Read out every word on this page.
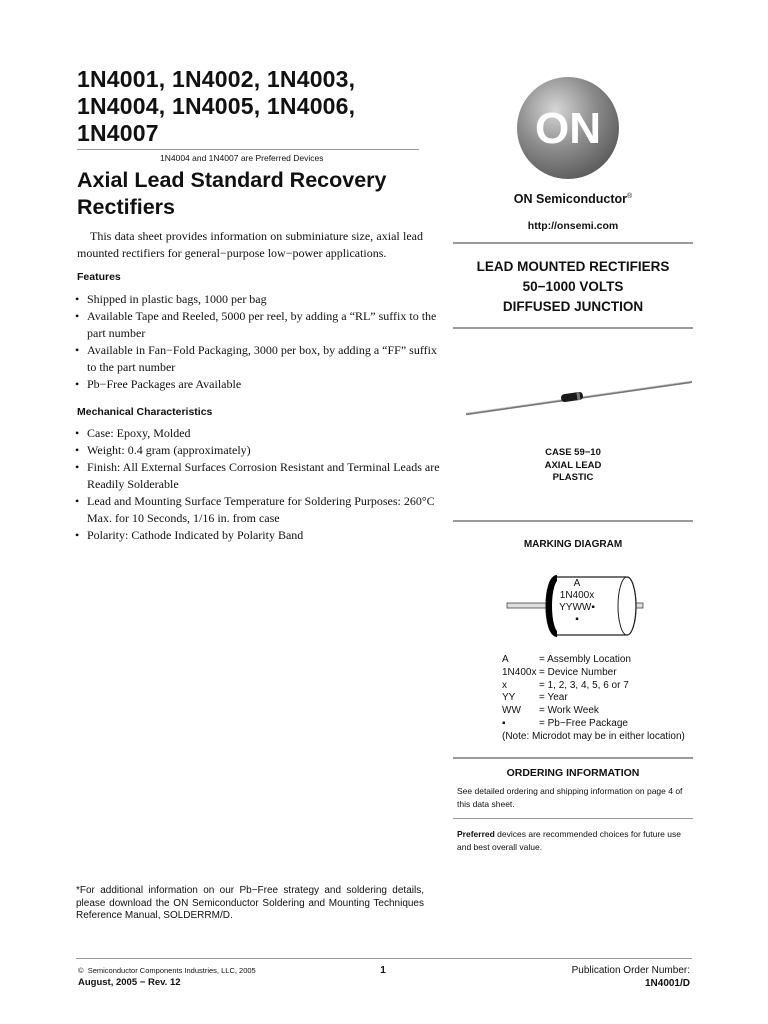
1N4001, 1N4002, 1N4003, 1N4004, 1N4005, 1N4006, 1N4007
1N4004 and 1N4007 are Preferred Devices
Axial Lead Standard Recovery Rectifiers
This data sheet provides information on subminiature size, axial lead mounted rectifiers for general−purpose low−power applications.
Features
• Shipped in plastic bags, 1000 per bag
• Available Tape and Reeled, 5000 per reel, by adding a “RL” suffix to the part number
• Available in Fan−Fold Packaging, 3000 per box, by adding a “FF” suffix to the part number
• Pb−Free Packages are Available
Mechanical Characteristics
• Case: Epoxy, Molded
• Weight: 0.4 gram (approximately)
• Finish: All External Surfaces Corrosion Resistant and Terminal Leads are Readily Solderable
• Lead and Mounting Surface Temperature for Soldering Purposes: 260°C Max. for 10 Seconds, 1/16 in. from case
• Polarity: Cathode Indicated by Polarity Band
*For additional information on our Pb−Free strategy and soldering details, please download the ON Semiconductor Soldering and Mounting Techniques Reference Manual, SOLDERRM/D.
ON
ON Semiconductor®
http://onsemi.com
LEAD MOUNTED RECTIFIERS
50−1000 VOLTS
DIFFUSED JUNCTION
CASE 59−10
AXIAL LEAD
PLASTIC
MARKING DIAGRAM
A
1N400x
YYWW▪
▪
A	= Assembly Location
1N400x = Device Number
x	= 1, 2, 3, 4, 5, 6 or 7
YY	= Year
WW	= Work Week
▪	= Pb−Free Package
(Note: Microdot may be in either location)
ORDERING INFORMATION
See detailed ordering and shipping information on page 4 of this data sheet.
Preferred devices are recommended choices for future use and best overall value.
© Semiconductor Components Industries, LLC, 2005
August, 2005 − Rev. 12
1	Publication Order Number:
1N4001/D
